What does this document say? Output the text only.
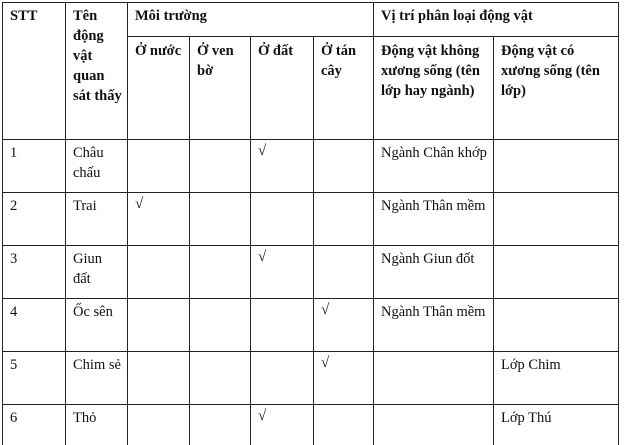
STT	Tên động vật quan sát thấy	Môi trường				Vị trí phân loại động vật	
		Ở nước	Ở ven bờ	Ở đất	Ở tán cây	Động vật không xương sống (tên lớp hay ngành)	Động vật có xương sống (tên lớp)
1	Châu chấu			√		Ngành Chân khớp	
2	Trai	√				Ngành Thân mềm	
3	Giun đất			√		Ngành Giun đốt	
4	Ốc sên				√	Ngành Thân mềm	
5	Chim sẻ				√		Lớp Chim
6	Thỏ			√			Lớp Thú
